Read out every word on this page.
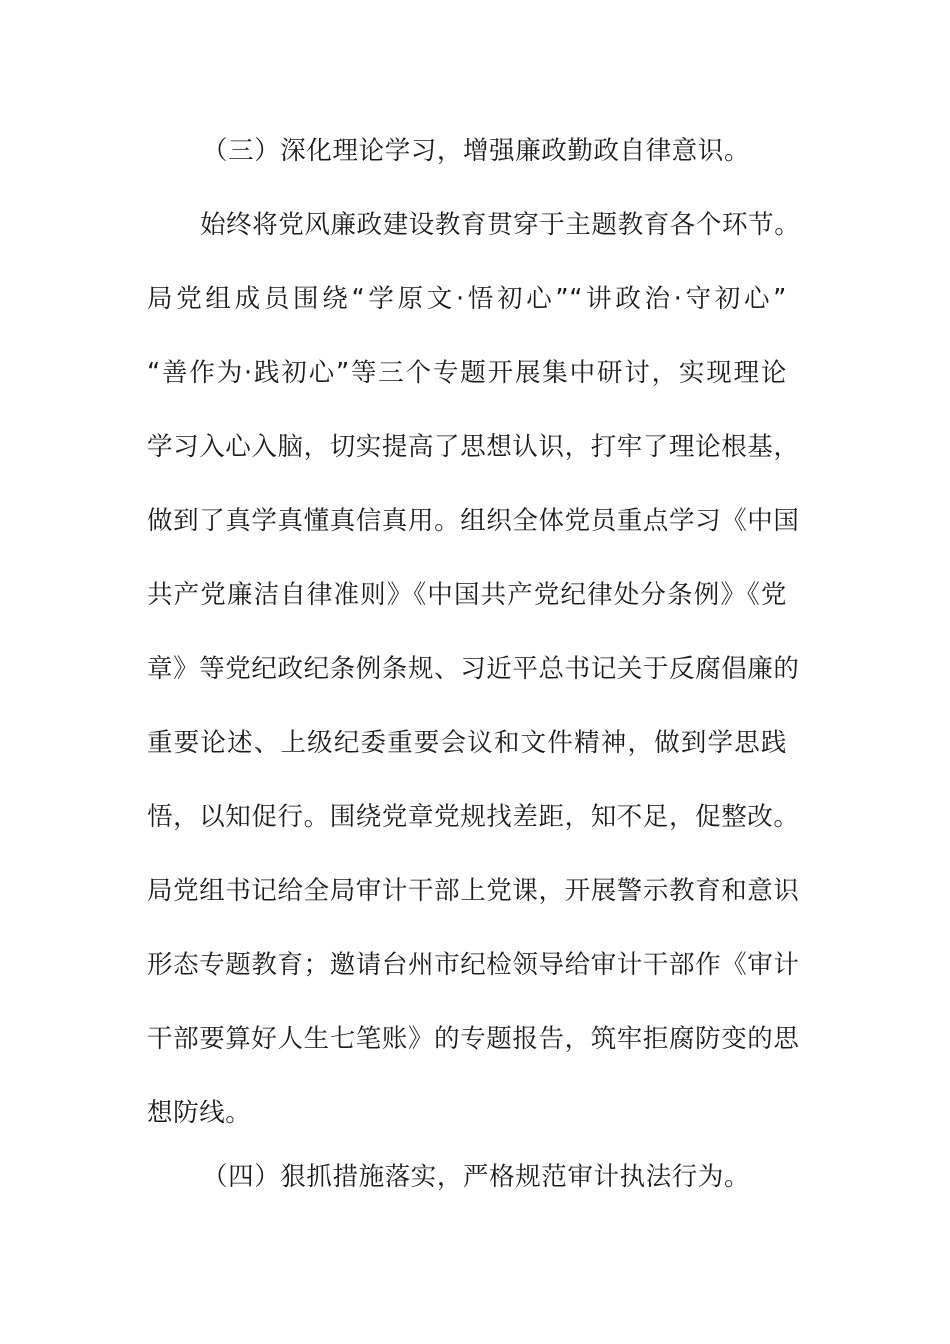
（三）深化理论学习，增强廉政勤政自律意识。
始终将党风廉政建设教育贯穿于主题教育各个环节。
局党组成员围绕“学原文·悟初心”“讲政治·守初心”
“善作为·践初心”等三个专题开展集中研讨，实现理论
学习入心入脑，切实提高了思想认识，打牢了理论根基，
做到了真学真懂真信真用。组织全体党员重点学习《中国
共产党廉洁自律准则》《中国共产党纪律处分条例》《党
章》等党纪政纪条例条规、习近平总书记关于反腐倡廉的
重要论述、上级纪委重要会议和文件精神，做到学思践
悟，以知促行。围绕党章党规找差距，知不足，促整改。
局党组书记给全局审计干部上党课，开展警示教育和意识
形态专题教育；邀请台州市纪检领导给审计干部作《审计
干部要算好人生七笔账》的专题报告，筑牢拒腐防变的思
想防线。
（四）狠抓措施落实，严格规范审计执法行为。
